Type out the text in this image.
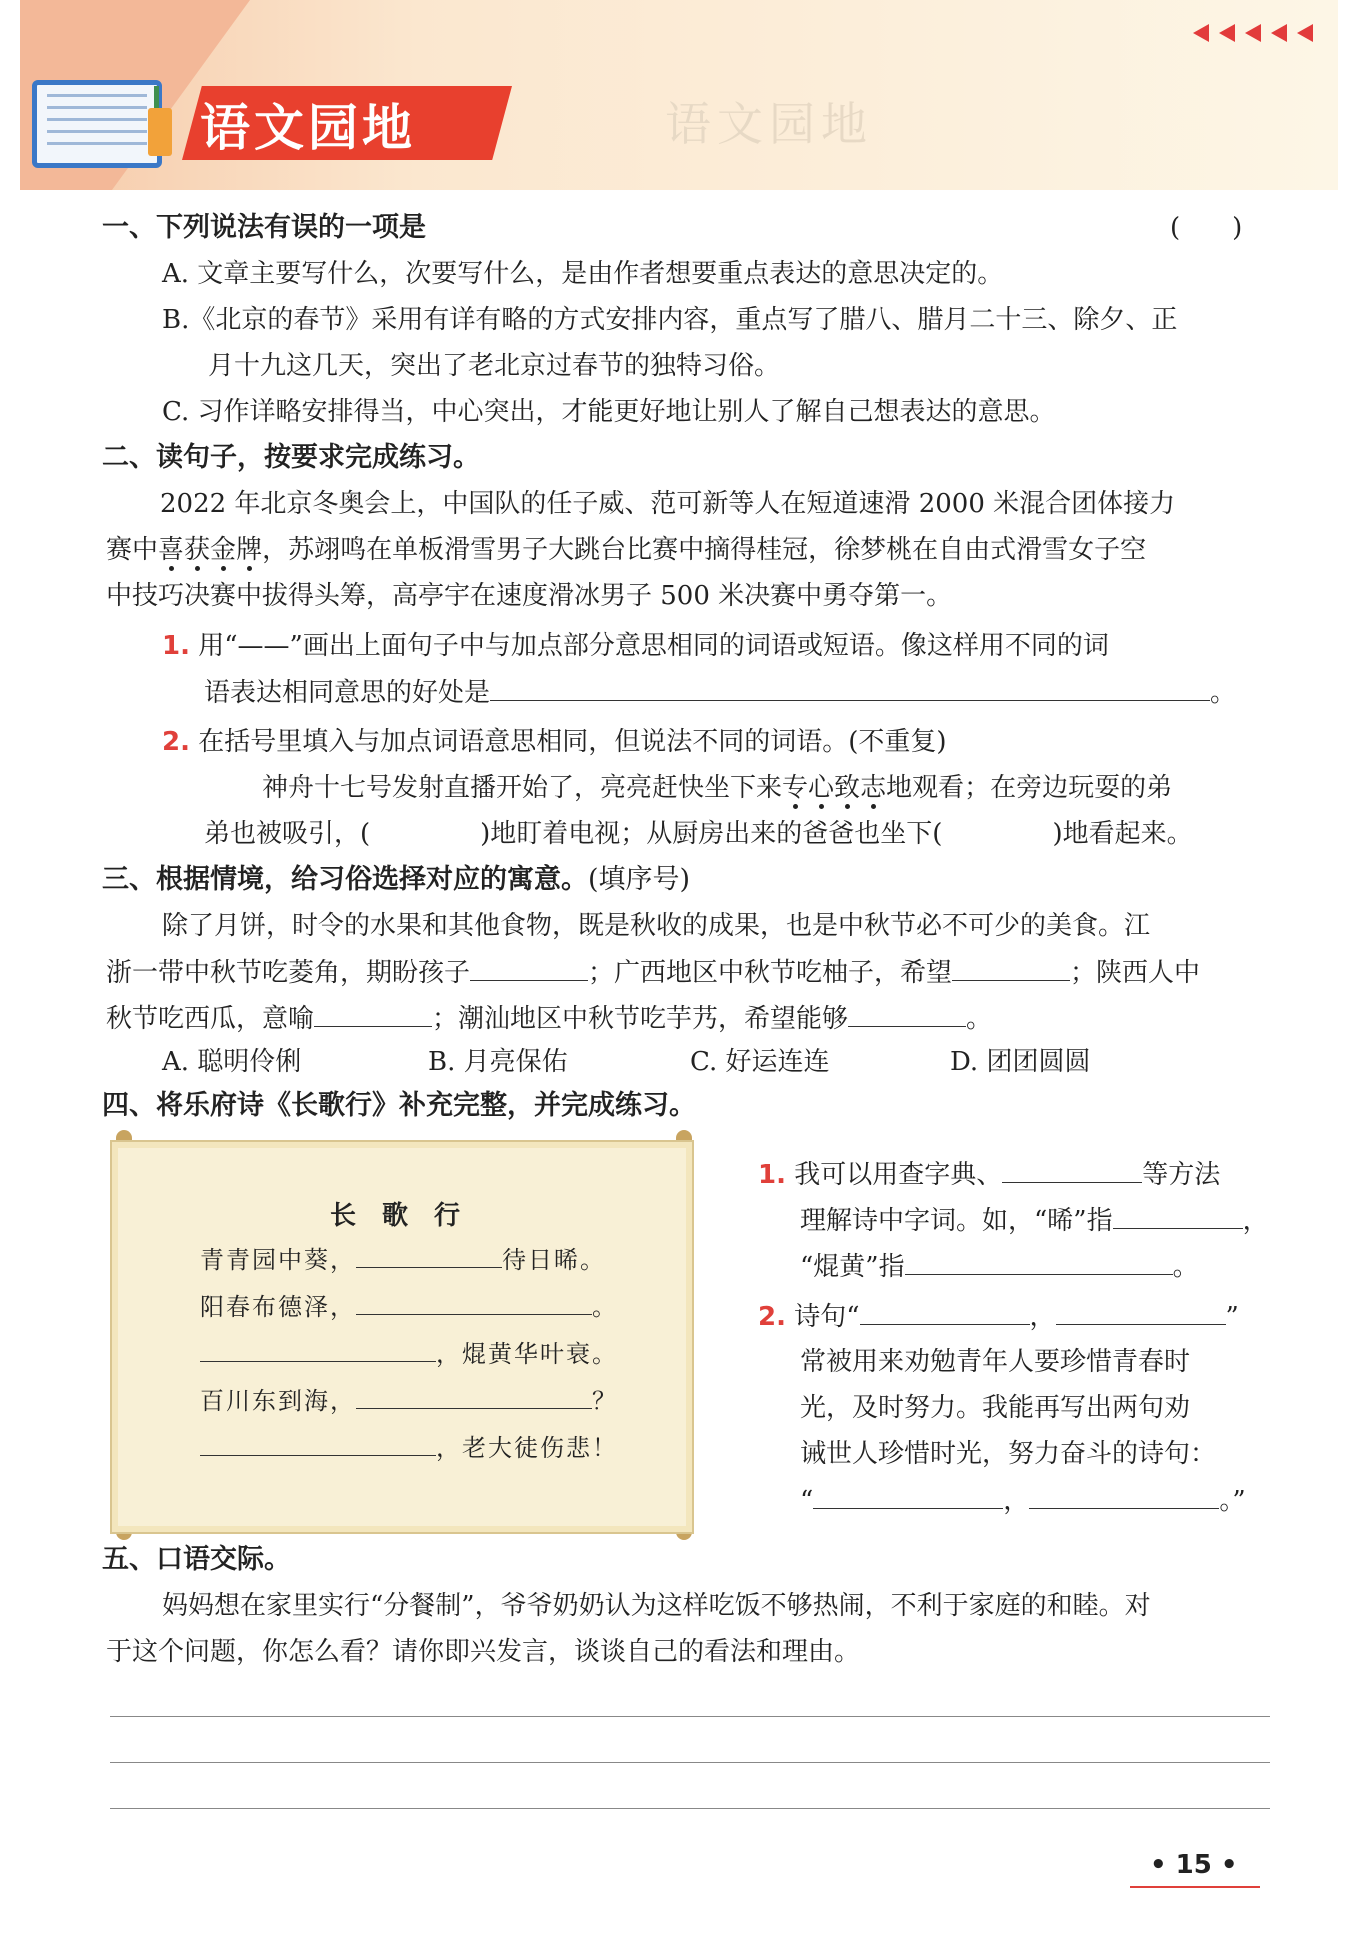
语文园地	语文园地
一、下列说法有误的一项是	(　　)
A. 文章主要写什么，次要写什么，是由作者想要重点表达的意思决定的。
B.《北京的春节》采用有详有略的方式安排内容，重点写了腊八、腊月二十三、除夕、正
月十九这几天，突出了老北京过春节的独特习俗。
C. 习作详略安排得当，中心突出，才能更好地让别人了解自己想表达的意思。
二、读句子，按要求完成练习。
2022 年北京冬奥会上，中国队的任子威、范可新等人在短道速滑 2000 米混合团体接力
赛中喜获金牌，苏翊鸣在单板滑雪男子大跳台比赛中摘得桂冠，徐梦桃在自由式滑雪女子空
中技巧决赛中拔得头筹，高亭宇在速度滑冰男子 500 米决赛中勇夺第一。
1. 用“——”画出上面句子中与加点部分意思相同的词语或短语。像这样用不同的词
语表达相同意思的好处是	。
2. 在括号里填入与加点词语意思相同，但说法不同的词语。(不重复)
神舟十七号发射直播开始了，亮亮赶快坐下来专心致志地观看；在旁边玩耍的弟
弟也被吸引，(	)地盯着电视；从厨房出来的爸爸也坐下(	)地看起来。
三、根据情境，给习俗选择对应的寓意。(填序号)
除了月饼，时令的水果和其他食物，既是秋收的成果，也是中秋节必不可少的美食。江
浙一带中秋节吃菱角，期盼孩子	；广西地区中秋节吃柚子，希望	；陕西人中
秋节吃西瓜，意喻	；潮汕地区中秋节吃芋艿，希望能够	。
A. 聪明伶俐	B. 月亮保佑	C. 好运连连	D. 团团圆圆
四、将乐府诗《长歌行》补充完整，并完成练习。
长歌行
青青园中葵，	待日晞。
阳春布德泽，	。
，焜黄华叶衰。
百川东到海，	？
，老大徒伤悲！
1. 我可以用查字典、	等方法
理解诗中字词。如，“晞”指	，
“焜黄”指	。
2. 诗句“	，	”
常被用来劝勉青年人要珍惜青春时
光，及时努力。我能再写出两句劝
诫世人珍惜时光，努力奋斗的诗句：
“	，	。”
五、口语交际。
妈妈想在家里实行“分餐制”，爷爷奶奶认为这样吃饭不够热闹，不利于家庭的和睦。对
于这个问题，你怎么看？请你即兴发言，谈谈自己的看法和理由。
• 15 •
